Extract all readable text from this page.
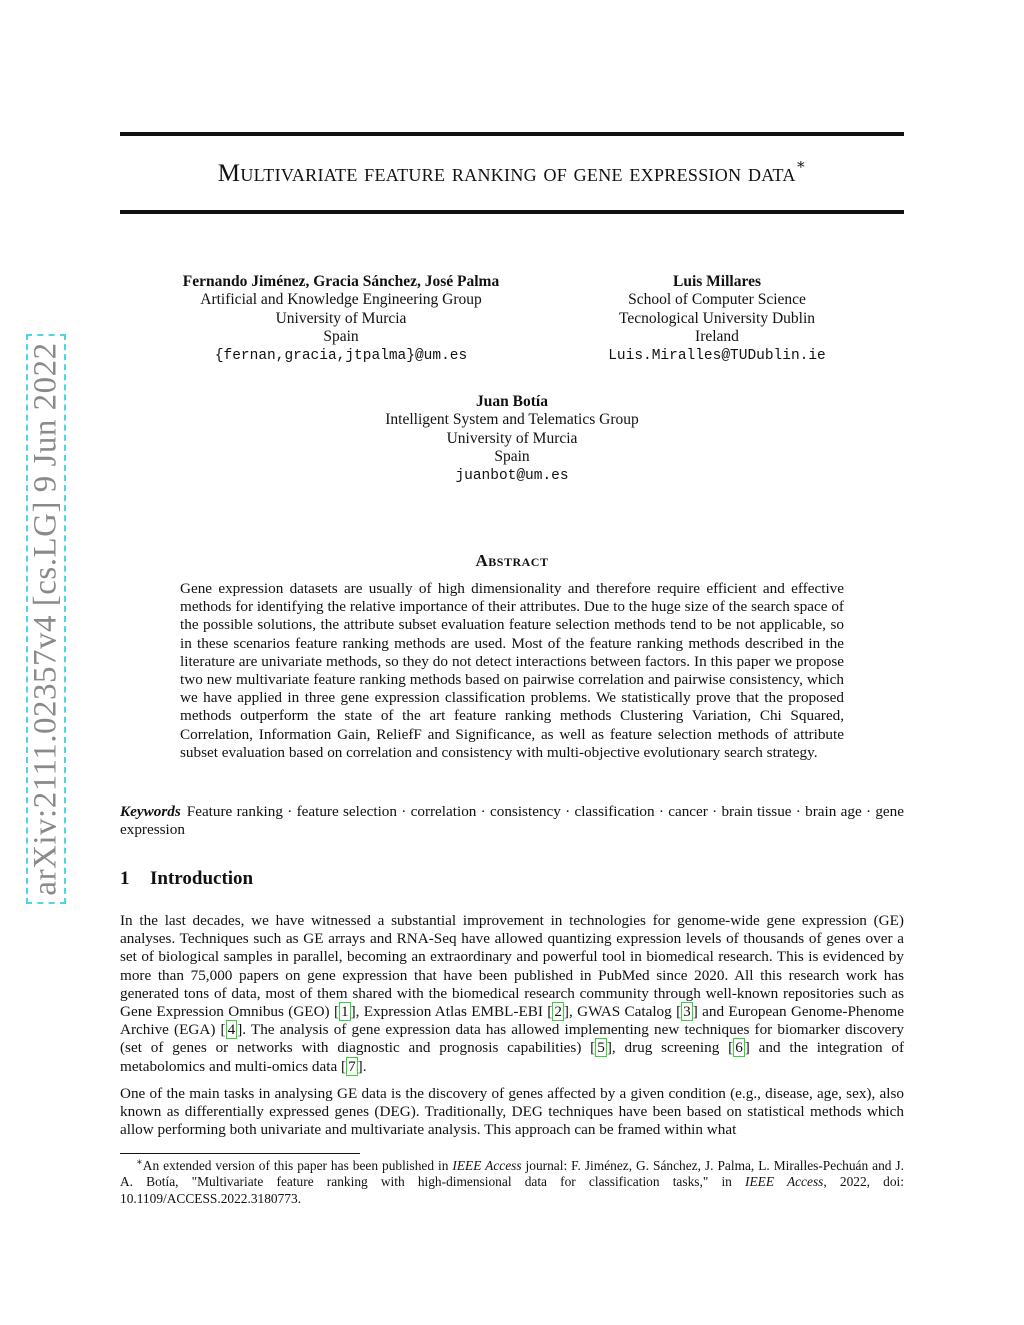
Multivariate feature ranking of gene expression data∗
Fernando Jiménez, Gracia Sánchez, José Palma
Artificial and Knowledge Engineering Group
University of Murcia
Spain
{fernan,gracia,jtpalma}@um.es
Luis Millares
School of Computer Science
Tecnological University Dublin
Ireland
Luis.Miralles@TUDublin.ie
Juan Botía
Intelligent System and Telematics Group
University of Murcia
Spain
juanbot@um.es
Abstract
Gene expression datasets are usually of high dimensionality and therefore require efficient and effective methods for identifying the relative importance of their attributes. Due to the huge size of the search space of the possible solutions, the attribute subset evaluation feature selection methods tend to be not applicable, so in these scenarios feature ranking methods are used. Most of the feature ranking methods described in the literature are univariate methods, so they do not detect interactions between factors. In this paper we propose two new multivariate feature ranking methods based on pairwise correlation and pairwise consistency, which we have applied in three gene expression classification problems. We statistically prove that the proposed methods outperform the state of the art feature ranking methods Clustering Variation, Chi Squared, Correlation, Information Gain, ReliefF and Significance, as well as feature selection methods of attribute subset evaluation based on correlation and consistency with multi-objective evolutionary search strategy.
Keywords Feature ranking · feature selection · correlation · consistency · classification · cancer · brain tissue · brain age · gene expression
1 Introduction
In the last decades, we have witnessed a substantial improvement in technologies for genome-wide gene expression (GE) analyses. Techniques such as GE arrays and RNA-Seq have allowed quantizing expression levels of thousands of genes over a set of biological samples in parallel, becoming an extraordinary and powerful tool in biomedical research. This is evidenced by more than 75,000 papers on gene expression that have been published in PubMed since 2020. All this research work has generated tons of data, most of them shared with the biomedical research community through well-known repositories such as Gene Expression Omnibus (GEO) [ 1 ], Expression Atlas EMBL-EBI [ 2 ], GWAS Catalog [ 3 ] and European Genome-Phenome Archive (EGA) [ 4 ]. The analysis of gene expression data has allowed implementing new techniques for biomarker discovery (set of genes or networks with diagnostic and prognosis capabilities) [ 5 ], drug screening [ 6 ] and the integration of metabolomics and multi-omics data [ 7 ].
One of the main tasks in analysing GE data is the discovery of genes affected by a given condition (e.g., disease, age, sex), also known as differentially expressed genes (DEG). Traditionally, DEG techniques have been based on statistical methods which allow performing both univariate and multivariate analysis. This approach can be framed within what
∗An extended version of this paper has been published in IEEE Access journal: F. Jiménez, G. Sánchez, J. Palma, L. Miralles-Pechuán and J. A. Botía, "Multivariate feature ranking with high-dimensional data for classification tasks," in IEEE Access, 2022, doi: 10.1109/ACCESS.2022.3180773.
arXiv:2111.02357v4 [cs.LG] 9 Jun 2022
